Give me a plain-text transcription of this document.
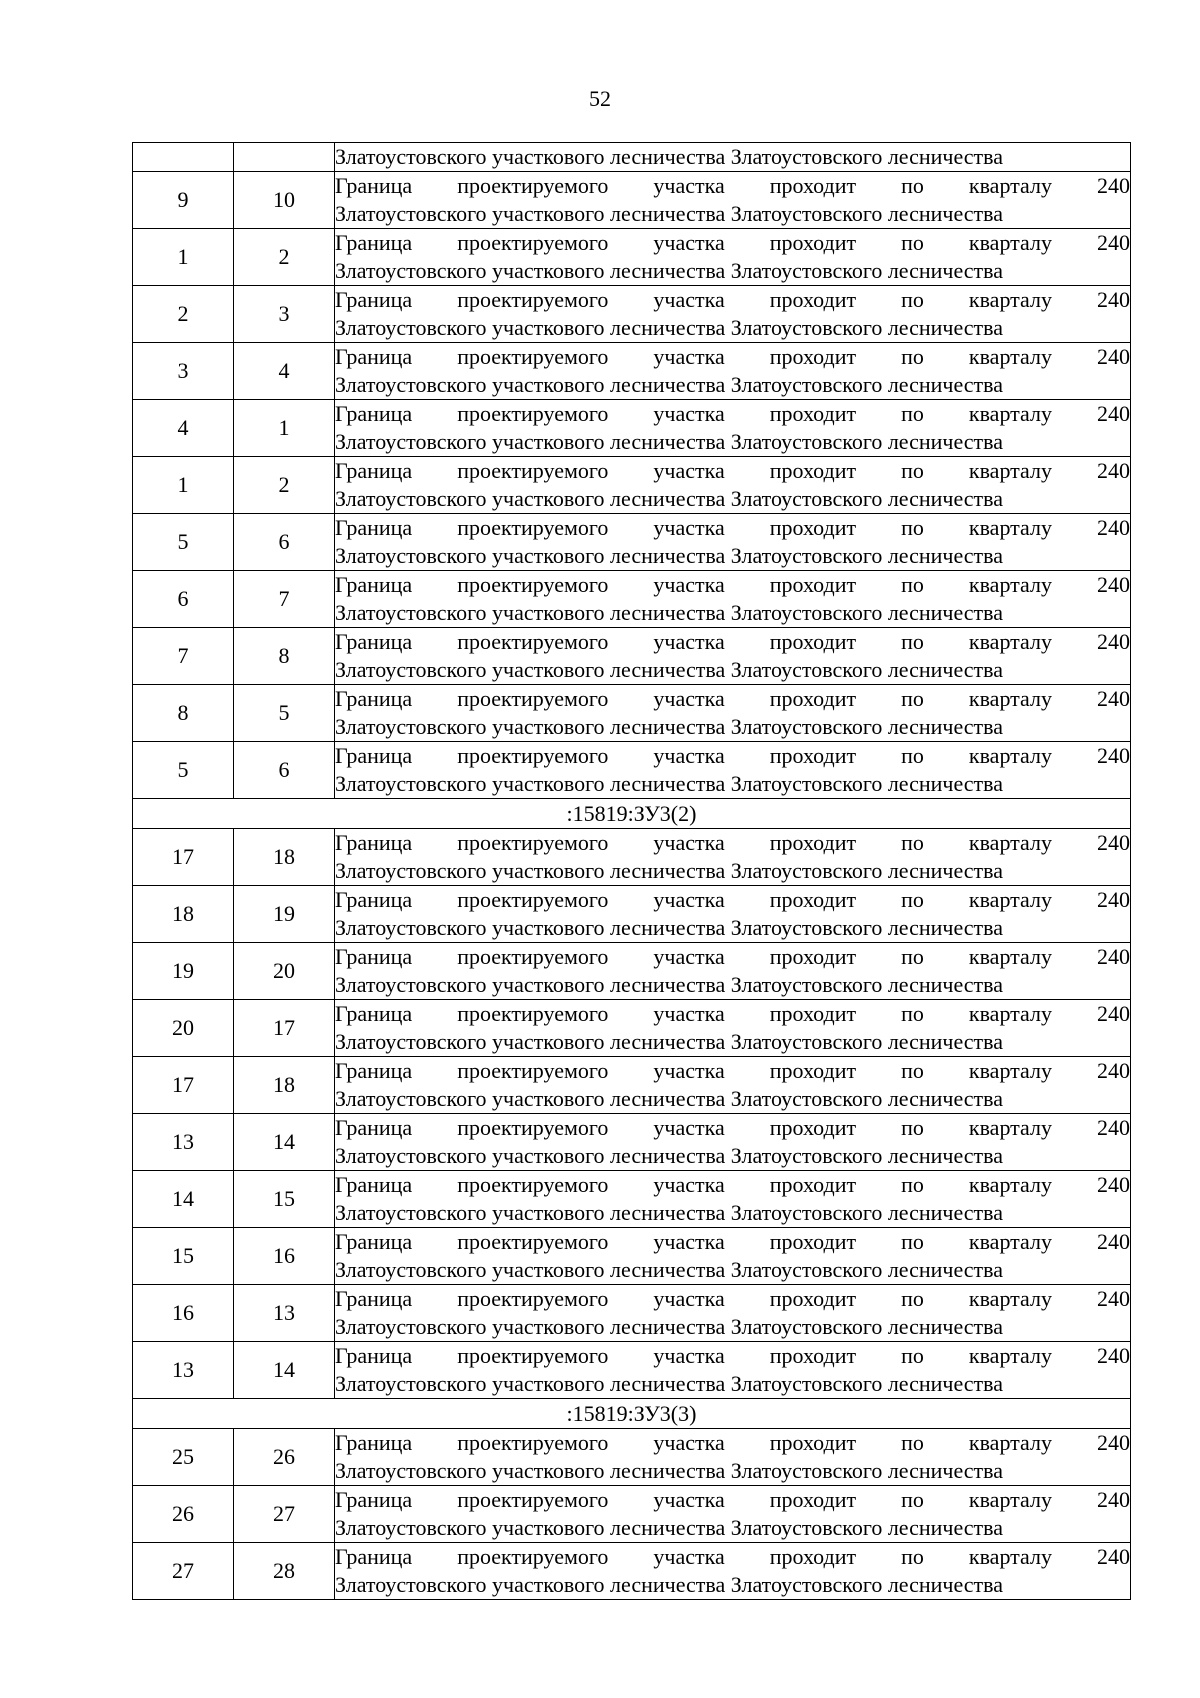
52

		Златоустовского участкового лесничества Златоустовского лесничества

9	10	Граница проектируемого участка проходит по кварталу 240
Златоустовского участкового лесничества Златоустовского лесничества

1	2	Граница проектируемого участка проходит по кварталу 240
Златоустовского участкового лесничества Златоустовского лесничества

2	3	Граница проектируемого участка проходит по кварталу 240
Златоустовского участкового лесничества Златоустовского лесничества

3	4	Граница проектируемого участка проходит по кварталу 240
Златоустовского участкового лесничества Златоустовского лесничества

4	1	Граница проектируемого участка проходит по кварталу 240
Златоустовского участкового лесничества Златоустовского лесничества

1	2	Граница проектируемого участка проходит по кварталу 240
Златоустовского участкового лесничества Златоустовского лесничества

5	6	Граница проектируемого участка проходит по кварталу 240
Златоустовского участкового лесничества Златоустовского лесничества

6	7	Граница проектируемого участка проходит по кварталу 240
Златоустовского участкового лесничества Златоустовского лесничества

7	8	Граница проектируемого участка проходит по кварталу 240
Златоустовского участкового лесничества Златоустовского лесничества

8	5	Граница проектируемого участка проходит по кварталу 240
Златоустовского участкового лесничества Златоустовского лесничества

5	6	Граница проектируемого участка проходит по кварталу 240
Златоустовского участкового лесничества Златоустовского лесничества

:15819:ЗУ3(2)		
17	18	Граница проектируемого участка проходит по кварталу 240
Златоустовского участкового лесничества Златоустовского лесничества

18	19	Граница проектируемого участка проходит по кварталу 240
Златоустовского участкового лесничества Златоустовского лесничества

19	20	Граница проектируемого участка проходит по кварталу 240
Златоустовского участкового лесничества Златоустовского лесничества

20	17	Граница проектируемого участка проходит по кварталу 240
Златоустовского участкового лесничества Златоустовского лесничества

17	18	Граница проектируемого участка проходит по кварталу 240
Златоустовского участкового лесничества Златоустовского лесничества

13	14	Граница проектируемого участка проходит по кварталу 240
Златоустовского участкового лесничества Златоустовского лесничества

14	15	Граница проектируемого участка проходит по кварталу 240
Златоустовского участкового лесничества Златоустовского лесничества

15	16	Граница проектируемого участка проходит по кварталу 240
Златоустовского участкового лесничества Златоустовского лесничества

16	13	Граница проектируемого участка проходит по кварталу 240
Златоустовского участкового лесничества Златоустовского лесничества

13	14	Граница проектируемого участка проходит по кварталу 240
Златоустовского участкового лесничества Златоустовского лесничества

:15819:ЗУ3(3)		
25	26	Граница проектируемого участка проходит по кварталу 240
Златоустовского участкового лесничества Златоустовского лесничества

26	27	Граница проектируемого участка проходит по кварталу 240
Златоустовского участкового лесничества Златоустовского лесничества

27	28	Граница проектируемого участка проходит по кварталу 240
Златоустовского участкового лесничества Златоустовского лесничества
